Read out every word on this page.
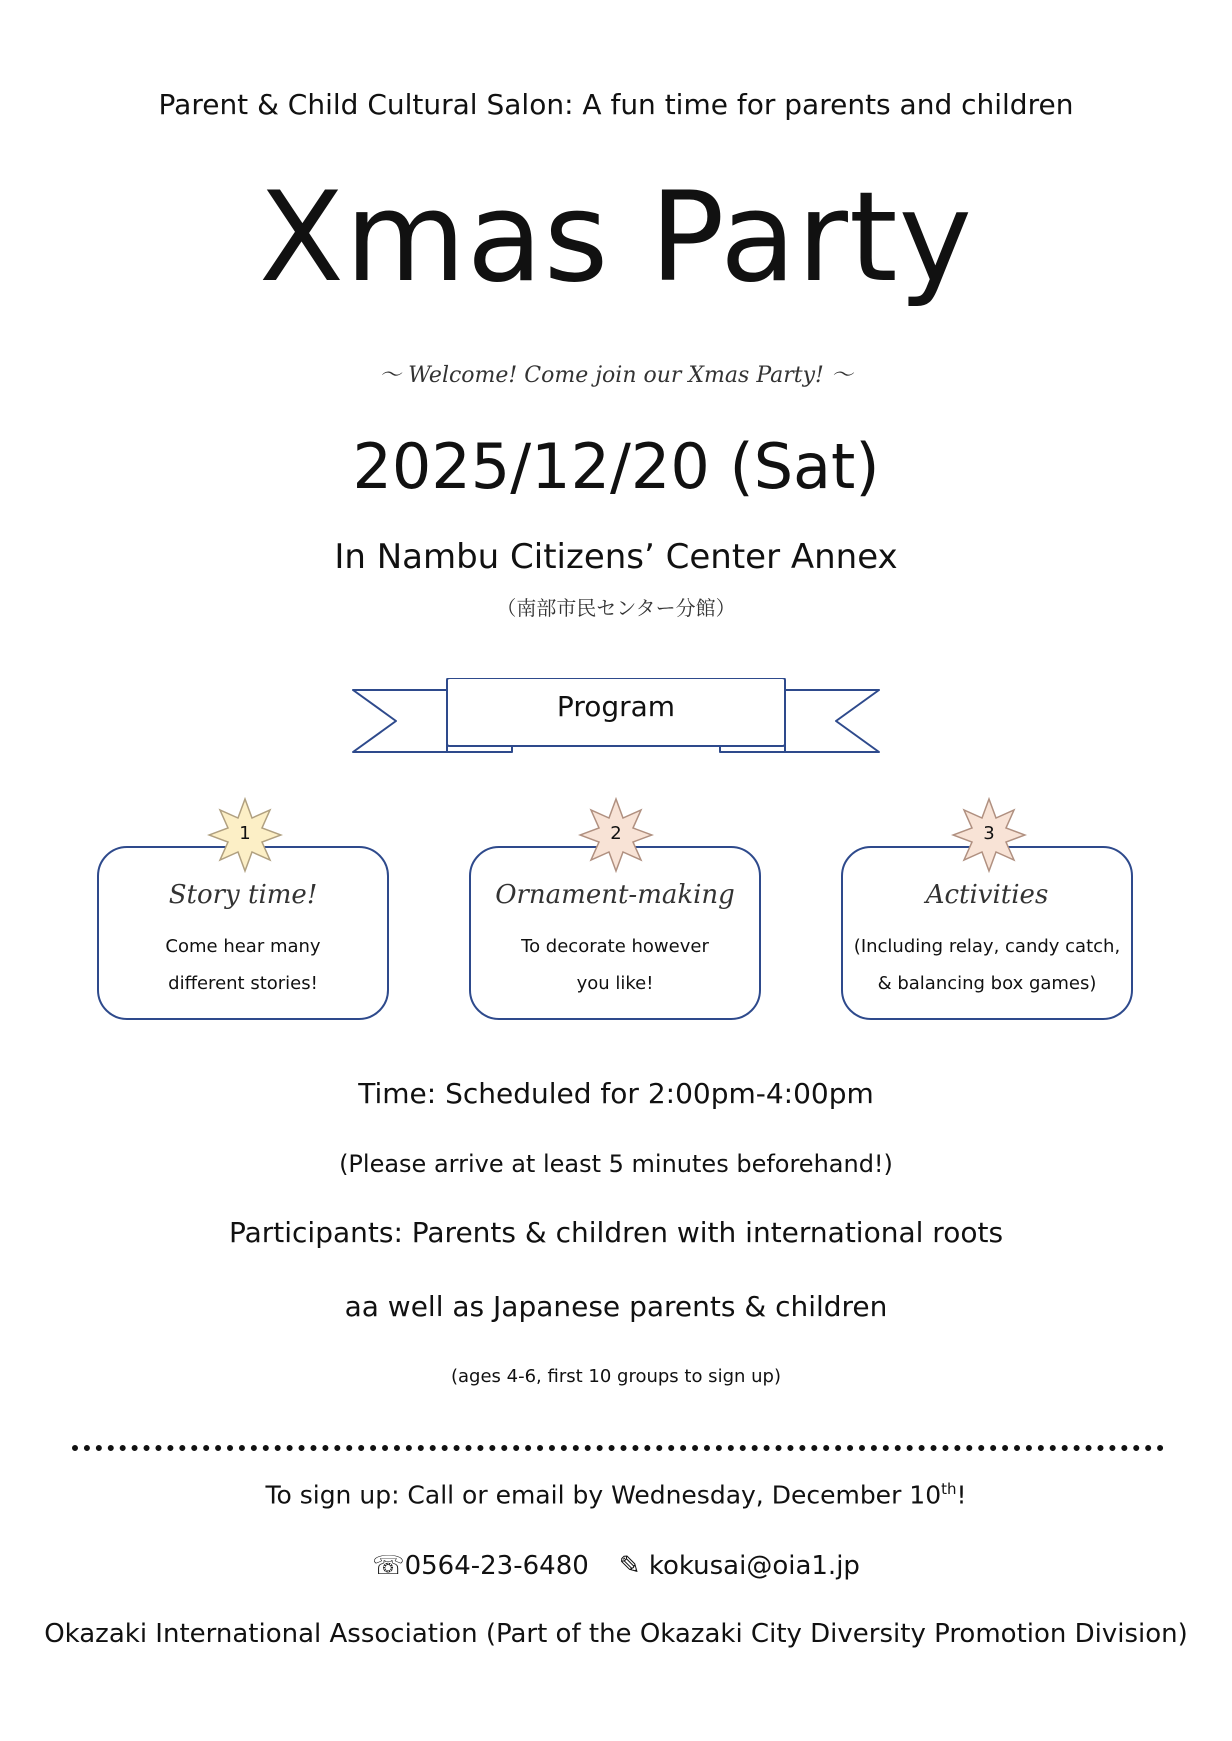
Parent & Child Cultural Salon: A fun time for parents and children
Xmas Party
～ Welcome! Come join our Xmas Party! ～
2025/12/20 (Sat)
In Nambu Citizens’ Center Annex
（南部市民センター分館）
Program
Story time!
Come hear many
different stories!
Ornament-making
To decorate however
you like!
Activities
(Including relay, candy catch,
& balancing box games)
1	2	3
Time: Scheduled for 2:00pm-4:00pm
(Please arrive at least 5 minutes beforehand!)
Participants: Parents & children with international roots
aa well as Japanese parents & children
(ages 4-6, first 10 groups to sign up)
To sign up: Call or email by Wednesday, December 10th!
☏0564-23-6480 ✎ kokusai@oia1.jp
Okazaki International Association (Part of the Okazaki City Diversity Promotion Division)
